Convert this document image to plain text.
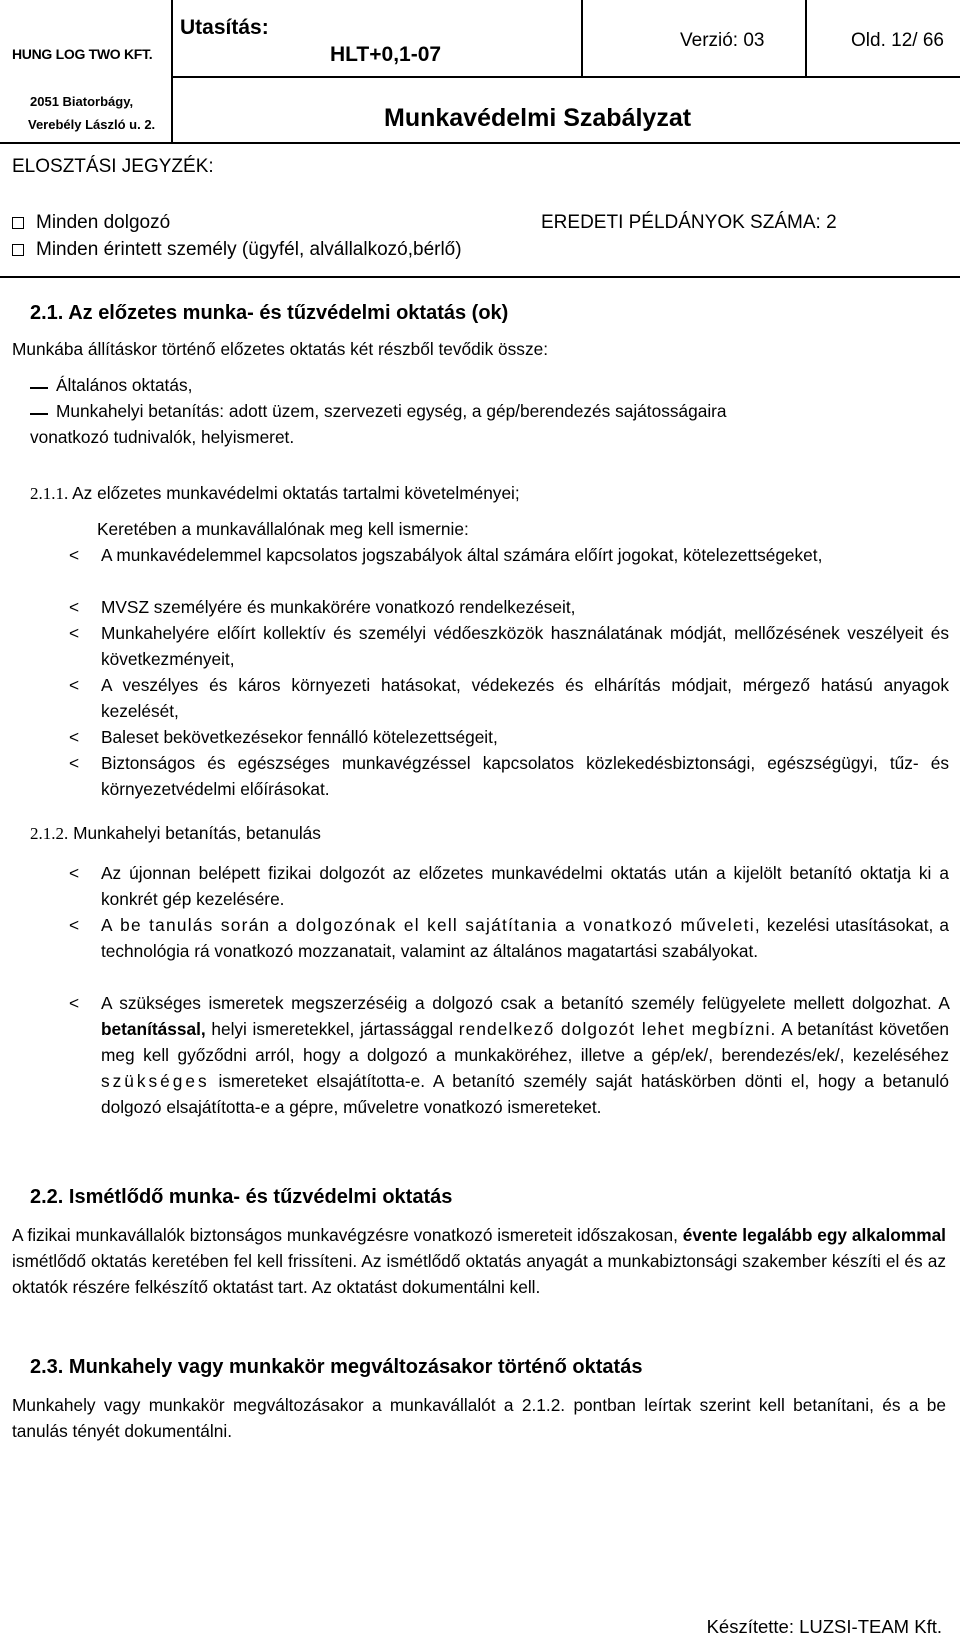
HUNG LOG TWO KFT.
2051 Biatorbágy,
Verebély László u. 2.
Utasítás:
HLT+0,1-07
Verzió: 03	Old. 12/ 66
Munkavédelmi Szabályzat
ELOSZTÁSI JEGYZÉK:
Minden dolgozó	EREDETI PÉLDÁNYOK SZÁMA: 2
Minden érintett személy (ügyfél, alvállalkozó,bérlő)
2.1. Az előzetes munka- és tűzvédelmi oktatás (ok)
Munkába állításkor történő előzetes oktatás két részből tevődik össze:
Általános oktatás,
Munkahelyi betanítás: adott üzem, szervezeti egység, a gép/berendezés sajátosságaira
vonatkozó tudnivalók, helyismeret.
2.1.1. Az előzetes munkavédelmi oktatás tartalmi követelményei;
Keretében a munkavállalónak meg kell ismernie:
< A munkavédelemmel kapcsolatos jogszabályok által számára előírt jogokat, kötelezettségeket,
< MVSZ személyére és munkakörére vonatkozó rendelkezéseit,
< Munkahelyére előírt kollektív és személyi védőeszközök használatának módját, mellőzésének veszélyeit és következményeit,
< A veszélyes és káros környezeti hatásokat, védekezés és elhárítás módjait, mérgező hatású anyagok kezelését,
< Baleset bekövetkezésekor fennálló kötelezettségeit,
< Biztonságos és egészséges munkavégzéssel kapcsolatos közlekedésbiztonsági, egészségügyi, tűz- és környezetvédelmi előírásokat.
2.1.2. Munkahelyi betanítás, betanulás
< Az újonnan belépett fizikai dolgozót az előzetes munkavédelmi oktatás után a kijelölt betanító oktatja ki a konkrét gép kezelésére.
< A be tanulás során a dolgozónak el kell sajátítania a vonatkozó műveleti, kezelési utasításokat, a technológia rá vonatkozó mozzanatait, valamint az általános magatartási szabályokat.
< A szükséges ismeretek megszerzéséig a dolgozó csak a betanító személy felügyelete mellett dolgozhat. A betanítással, helyi ismeretekkel, jártassággal rendelkező dolgozót lehet megbízni. A betanítást követően meg kell győződni arról, hogy a dolgozó a munkaköréhez, illetve a gép/ek/, berendezés/ek/, kezeléséhez szükséges ismereteket elsajátította-e. A betanító személy saját hatáskörben dönti el, hogy a betanuló dolgozó elsajátította-e a gépre, műveletre vonatkozó ismereteket.
2.2. Ismétlődő munka- és tűzvédelmi oktatás
A fizikai munkavállalók biztonságos munkavégzésre vonatkozó ismereteit időszakosan, évente legalább egy alkalommal ismétlődő oktatás keretében fel kell frissíteni. Az ismétlődő oktatás anyagát a munkabiztonsági szakember készíti el és az oktatók részére felkészítő oktatást tart. Az oktatást dokumentálni kell.
2.3. Munkahely vagy munkakör megváltozásakor történő oktatás
Munkahely vagy munkakör megváltozásakor a munkavállalót a 2.1.2. pontban leírtak szerint kell betanítani, és a be tanulás tényét dokumentálni.
Készítette: LUZSI-TEAM Kft.
